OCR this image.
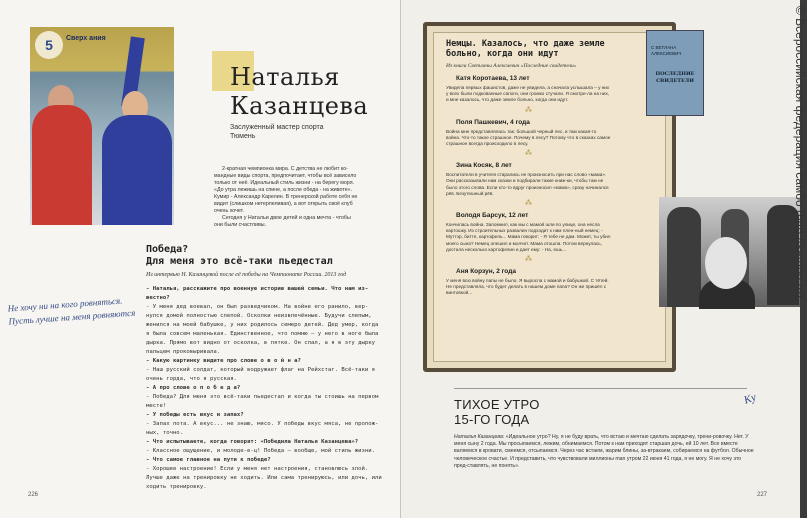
5	Сверх ания
Наталья
Казанцева
Заслуженный мастер спорта
Тюмень

2-кратная чемпионка мира. С детства не любит ко-мандные виды спорта, предпочитает, чтобы всё зависело только от неё. Идеальный стиль жизни - на берегу моря. «До утра лежишь на спине, а после обеда - на животе». Кумир - Александр Карелин. В тренерской работе себя не видит (слишком нетерпеливая), а вот открыть своё клуб очень хочет.

Сегодня у Натальи двое детей и одна мечта - чтобы они были счастливы.

Победа?
Для меня это всё-таки пьедестал
Из интервью Н. Казанцевой после её победы на Чемпионате России. 2013 год
- Наталья, расскажите про военную историю вашей семьи. Что нам из-вестно?
- У меня дед воевал, он был разведчиком. На войне его ранило, вер-нулся домой полностью слепой. Осколки неизвлечённые. Будучи слепым, женился на моей бабушке, у них родилось семеро детей. Дед умер, когда я была совсем маленькая. Единственное, что помню – у него в ноге была дырка. Прямо вот видно от осколка, в пятке. Он спал, а я в эту дырку пальцем проковыривала.
- Какую картинку видите про слове о в о й н а?
- Наш русский солдат, который водружает флаг на Рейхстаг. Всё-таки я очень горда, что я русская.
- А про слове о п о б е д а?
- Победа? Для меня это всё-таки пьедестал и когда ты стоишь на первом месте!
- У победы есть вкус и запах?
- Запах пота. А вкус... не знаю, мясо. У победы вкус мяса, не пропож-ных, точно.
- Что испытываете, когда говорят: «Победила Наталья Казанцева»?
- Классное ощущение, и молоде-е-ц! Победа – вообще, мой стиль жизни.
- Что самое главное на пути к победе?
- Хорошее настроение! Если у меня нет настроения, становлюсь злой. Лучше даже на тренировку не ходить. Или сама тренируюсь, или дочь, или ходить тренировку.
Не хочу ни на кого ровняться. Пусть лучше на меня ровняются
226
Немцы. Казалось, что даже земле больно, когда они идут
Из книги Светланы Алексиевич «Последние свидетели»
Катя Коротаева, 13 лет

Увидела первых фашистов, даже не увидела, а сначала услышала – у них у всех были подкованные сапоги, они громко стучали. Я смотре-ла на них, и мне казалось, что даже земле больно, когда они идут.

⁂
Поля Пашкевич, 4 года

Война мне представлялась так: большой черный лес, и там какая-то война. Что-то такое страшное. Почему в лесу? Потому что в сказках самое страшное всегда происходило в лесу.

⁂
Зина Косяк, 8 лет

Воспитатели в учителя старались не произносить при нас слово «мама». Они рассказывали нам сказки и подбирали такие книж-ки, чтобы там не было этого слова. Если кто-то вдруг произносил «мама», сразу начинался рёв. Безутешный рёв.

⁂
Володя Барсук, 12 лет

Кончилась война. Запомнил, как мы с мамой шли по улице, она несла картошку. Из строительных развалин подходит к нам плен-ный немец: - Муттэр, битте, картофель... Мама говорит: - Я тебе не дам. Может, ты убил моего сына? Немец опешил и молчит. Мама отошла. Потом вернулась, достала несколько картофелин и дает ему: - На, ешь...

⁂
Аня Корзун, 2 года

У меня всю войну папы не было. Я выросла с мамой и бабушкой. С тётей. Не представляла, что будет делать в нашем доме папа? Он же пришёл с винтовкой...

С ВЕТЛАНА АЛЕКСИЕВИЧ
ПОСЛЕДНИЕ СВИДЕТЕЛИ	© Всероссийская федерация самбо (http://sambo.ru)
Ky
ТИХОЕ УТРО
15-ГО ГОДА
Наталья Казанцева: «Идеальное утро? Ну, я не буду врать, что встаю и мечтаю сделать зарядочку, трени-ровочку. Нет. У меня сыну 2 года. Мы просыпаемся, лежим, обнимаемся. Потом к нам приходит старшая дочь, ей 10 лет. Все вместе валяемся в кровати, смеемся, отсыпаемся. Через час встаем, жарим блины, за-втракаем, собираемся на футбол. Обычное человеческое счастье. И представить, что чувствовали миллионы man утром 22 июня 41 года, я не могу. Я не хочу это пред-ставлять, не понять».
227
